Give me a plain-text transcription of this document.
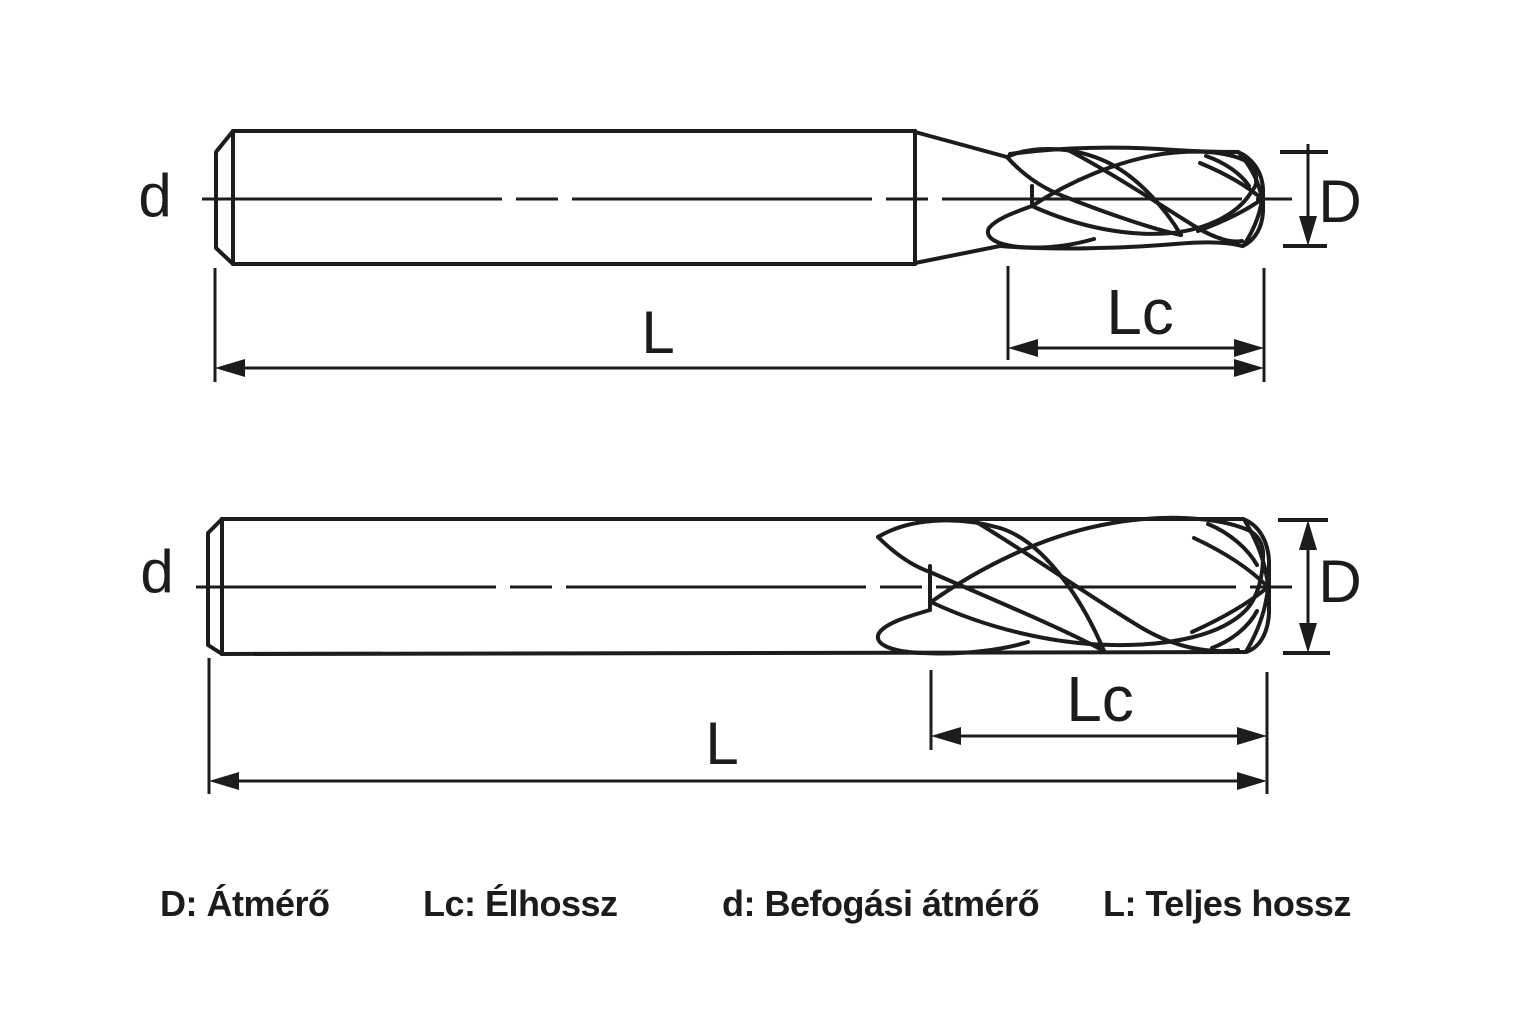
d	D
Lc
L
d	D
Lc
L
D: Átmérő	Lc: Élhossz	d: Befogási átmérő L: Teljes hossz
